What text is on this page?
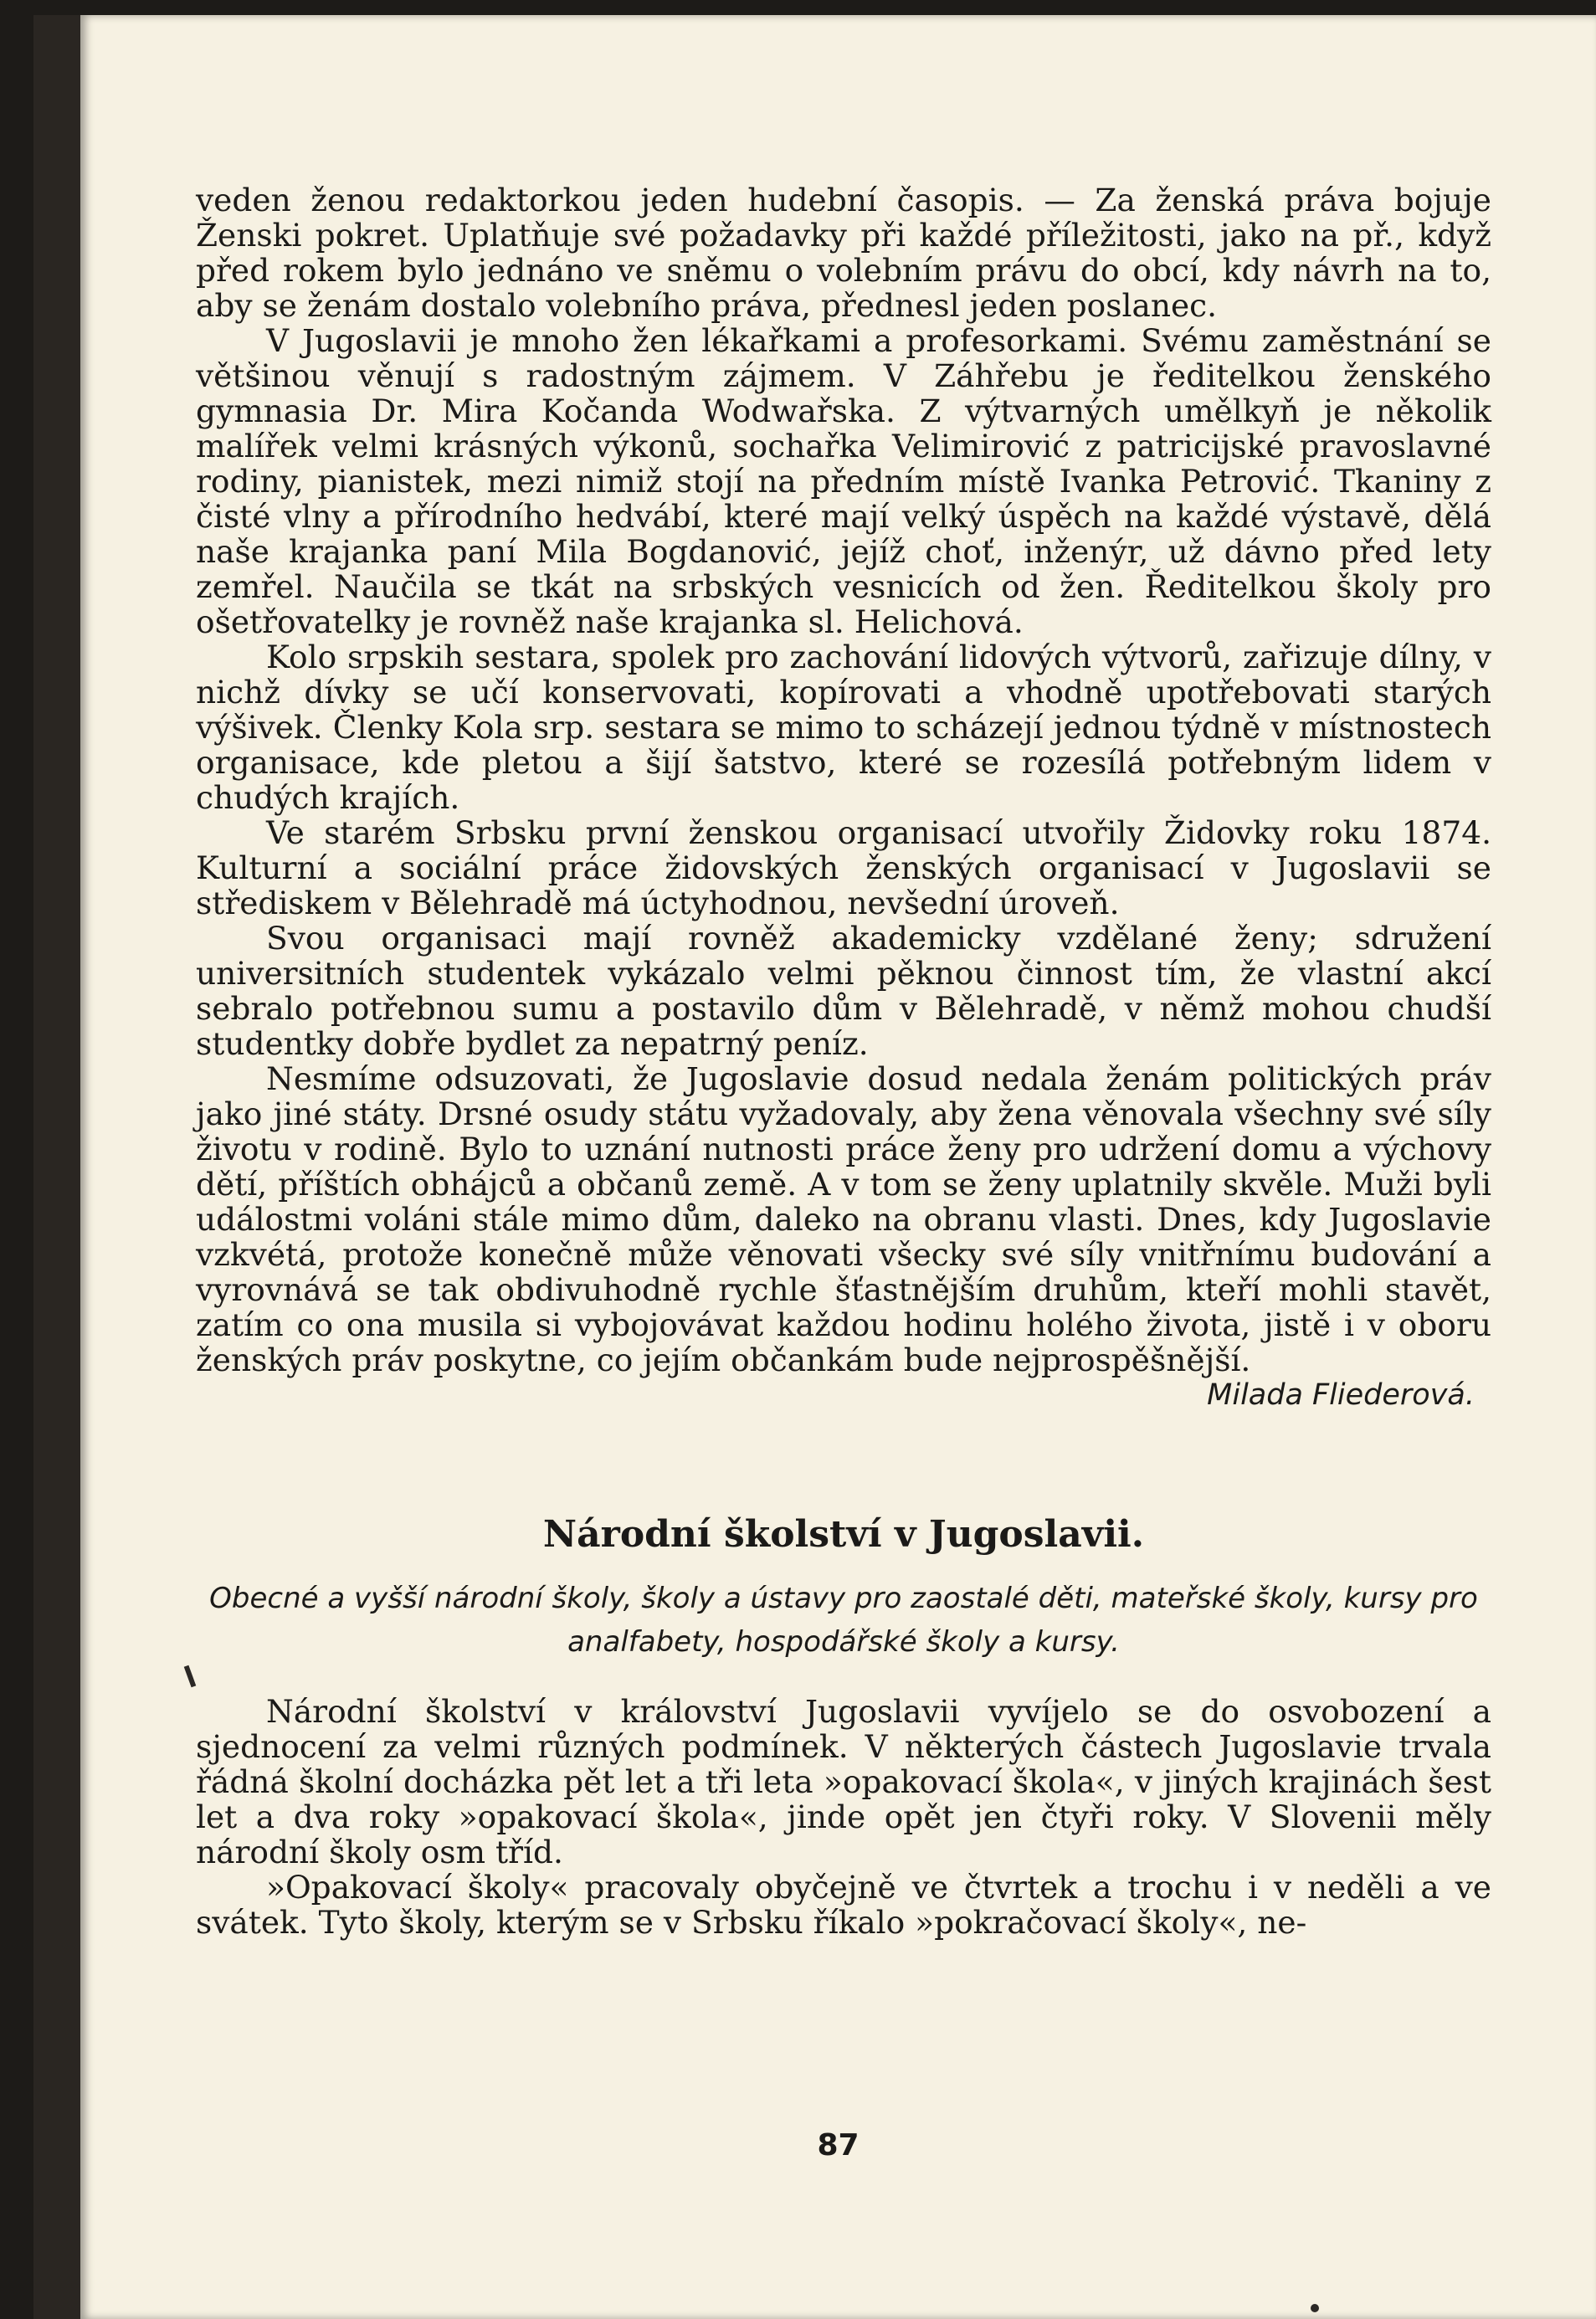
veden ženou redaktorkou jeden hudební časopis. — Za ženská práva bojuje Ženski pokret. Uplatňuje své požadavky při každé příležitosti, jako na př., když před rokem bylo jednáno ve sněmu o volebním právu do obcí, kdy návrh na to, aby se ženám dostalo volebního práva, přednesl jeden poslanec.

V Jugoslavii je mnoho žen lékařkami a profesorkami. Svému zaměstnání se většinou věnují s radostným zájmem. V Záhřebu je ředitelkou ženského gymnasia Dr. Mira Kočanda Wodwařska. Z výtvarných umělkyň je několik malířek velmi krásných výkonů, sochařka Velimirović z patricijské pravoslavné rodiny, pianistek, mezi nimiž stojí na předním místě Ivanka Petrović. Tkaniny z čisté vlny a přírodního hedvábí, které mají velký úspěch na každé výstavě, dělá naše krajanka paní Mila Bogdanović, jejíž choť, inženýr, už dávno před lety zemřel. Naučila se tkát na srbských vesnicích od žen. Ředitelkou školy pro ošetřovatelky je rovněž naše krajanka sl. Helichová.

Kolo srpskih sestara, spolek pro zachování lidových výtvorů, zařizuje dílny, v nichž dívky se učí konservovati, kopírovati a vhodně upotřebovati starých výšivek. Členky Kola srp. sestara se mimo to scházejí jednou týdně v místnostech organisace, kde pletou a šijí šatstvo, které se rozesílá potřebným lidem v chudých krajích.

Ve starém Srbsku první ženskou organisací utvořily Židovky roku 1874. Kulturní a sociální práce židovských ženských organisací v Jugoslavii se střediskem v Bělehradě má úctyhodnou, nevšední úroveň.

Svou organisaci mají rovněž akademicky vzdělané ženy; sdružení universitních studentek vykázalo velmi pěknou činnost tím, že vlastní akcí sebralo potřebnou sumu a postavilo dům v Bělehradě, v němž mohou chudší studentky dobře bydlet za nepatrný peníz.

Nesmíme odsuzovati, že Jugoslavie dosud nedala ženám politických práv jako jiné státy. Drsné osudy státu vyžadovaly, aby žena věnovala všechny své síly životu v rodině. Bylo to uznání nutnosti práce ženy pro udržení domu a výchovy dětí, příštích obhájců a občanů země. A v tom se ženy uplatnily skvěle. Muži byli událostmi voláni stále mimo dům, daleko na obranu vlasti. Dnes, kdy Jugoslavie vzkvétá, protože konečně může věnovati všecky své síly vnitřnímu budování a vyrovnává se tak obdivuhodně rychle šťastnějším druhům, kteří mohli stavět, zatím co ona musila si vybojovávat každou hodinu holého života, jistě i v oboru ženských práv poskytne, co jejím občankám bude nejprospěšnější.

Milada Fliederová.

Národní školství v Jugoslavii.
Obecné a vyšší národní školy, školy a ústavy pro zaostalé děti, mateřské školy, kursy pro analfabety, hospodářské školy a kursy.

Národní školství v království Jugoslavii vyvíjelo se do osvobození a sjednocení za velmi různých podmínek. V některých částech Jugoslavie trvala řádná školní docházka pět let a tři leta »opakovací škola«, v jiných krajinách šest let a dva roky »opakovací škola«, jinde opět jen čtyři roky. V Slovenii měly národní školy osm tříd.

»Opakovací školy« pracovaly obyčejně ve čtvrtek a trochu i v neděli a ve svátek. Tyto školy, kterým se v Srbsku říkalo »pokračovací školy«, ne-

87
